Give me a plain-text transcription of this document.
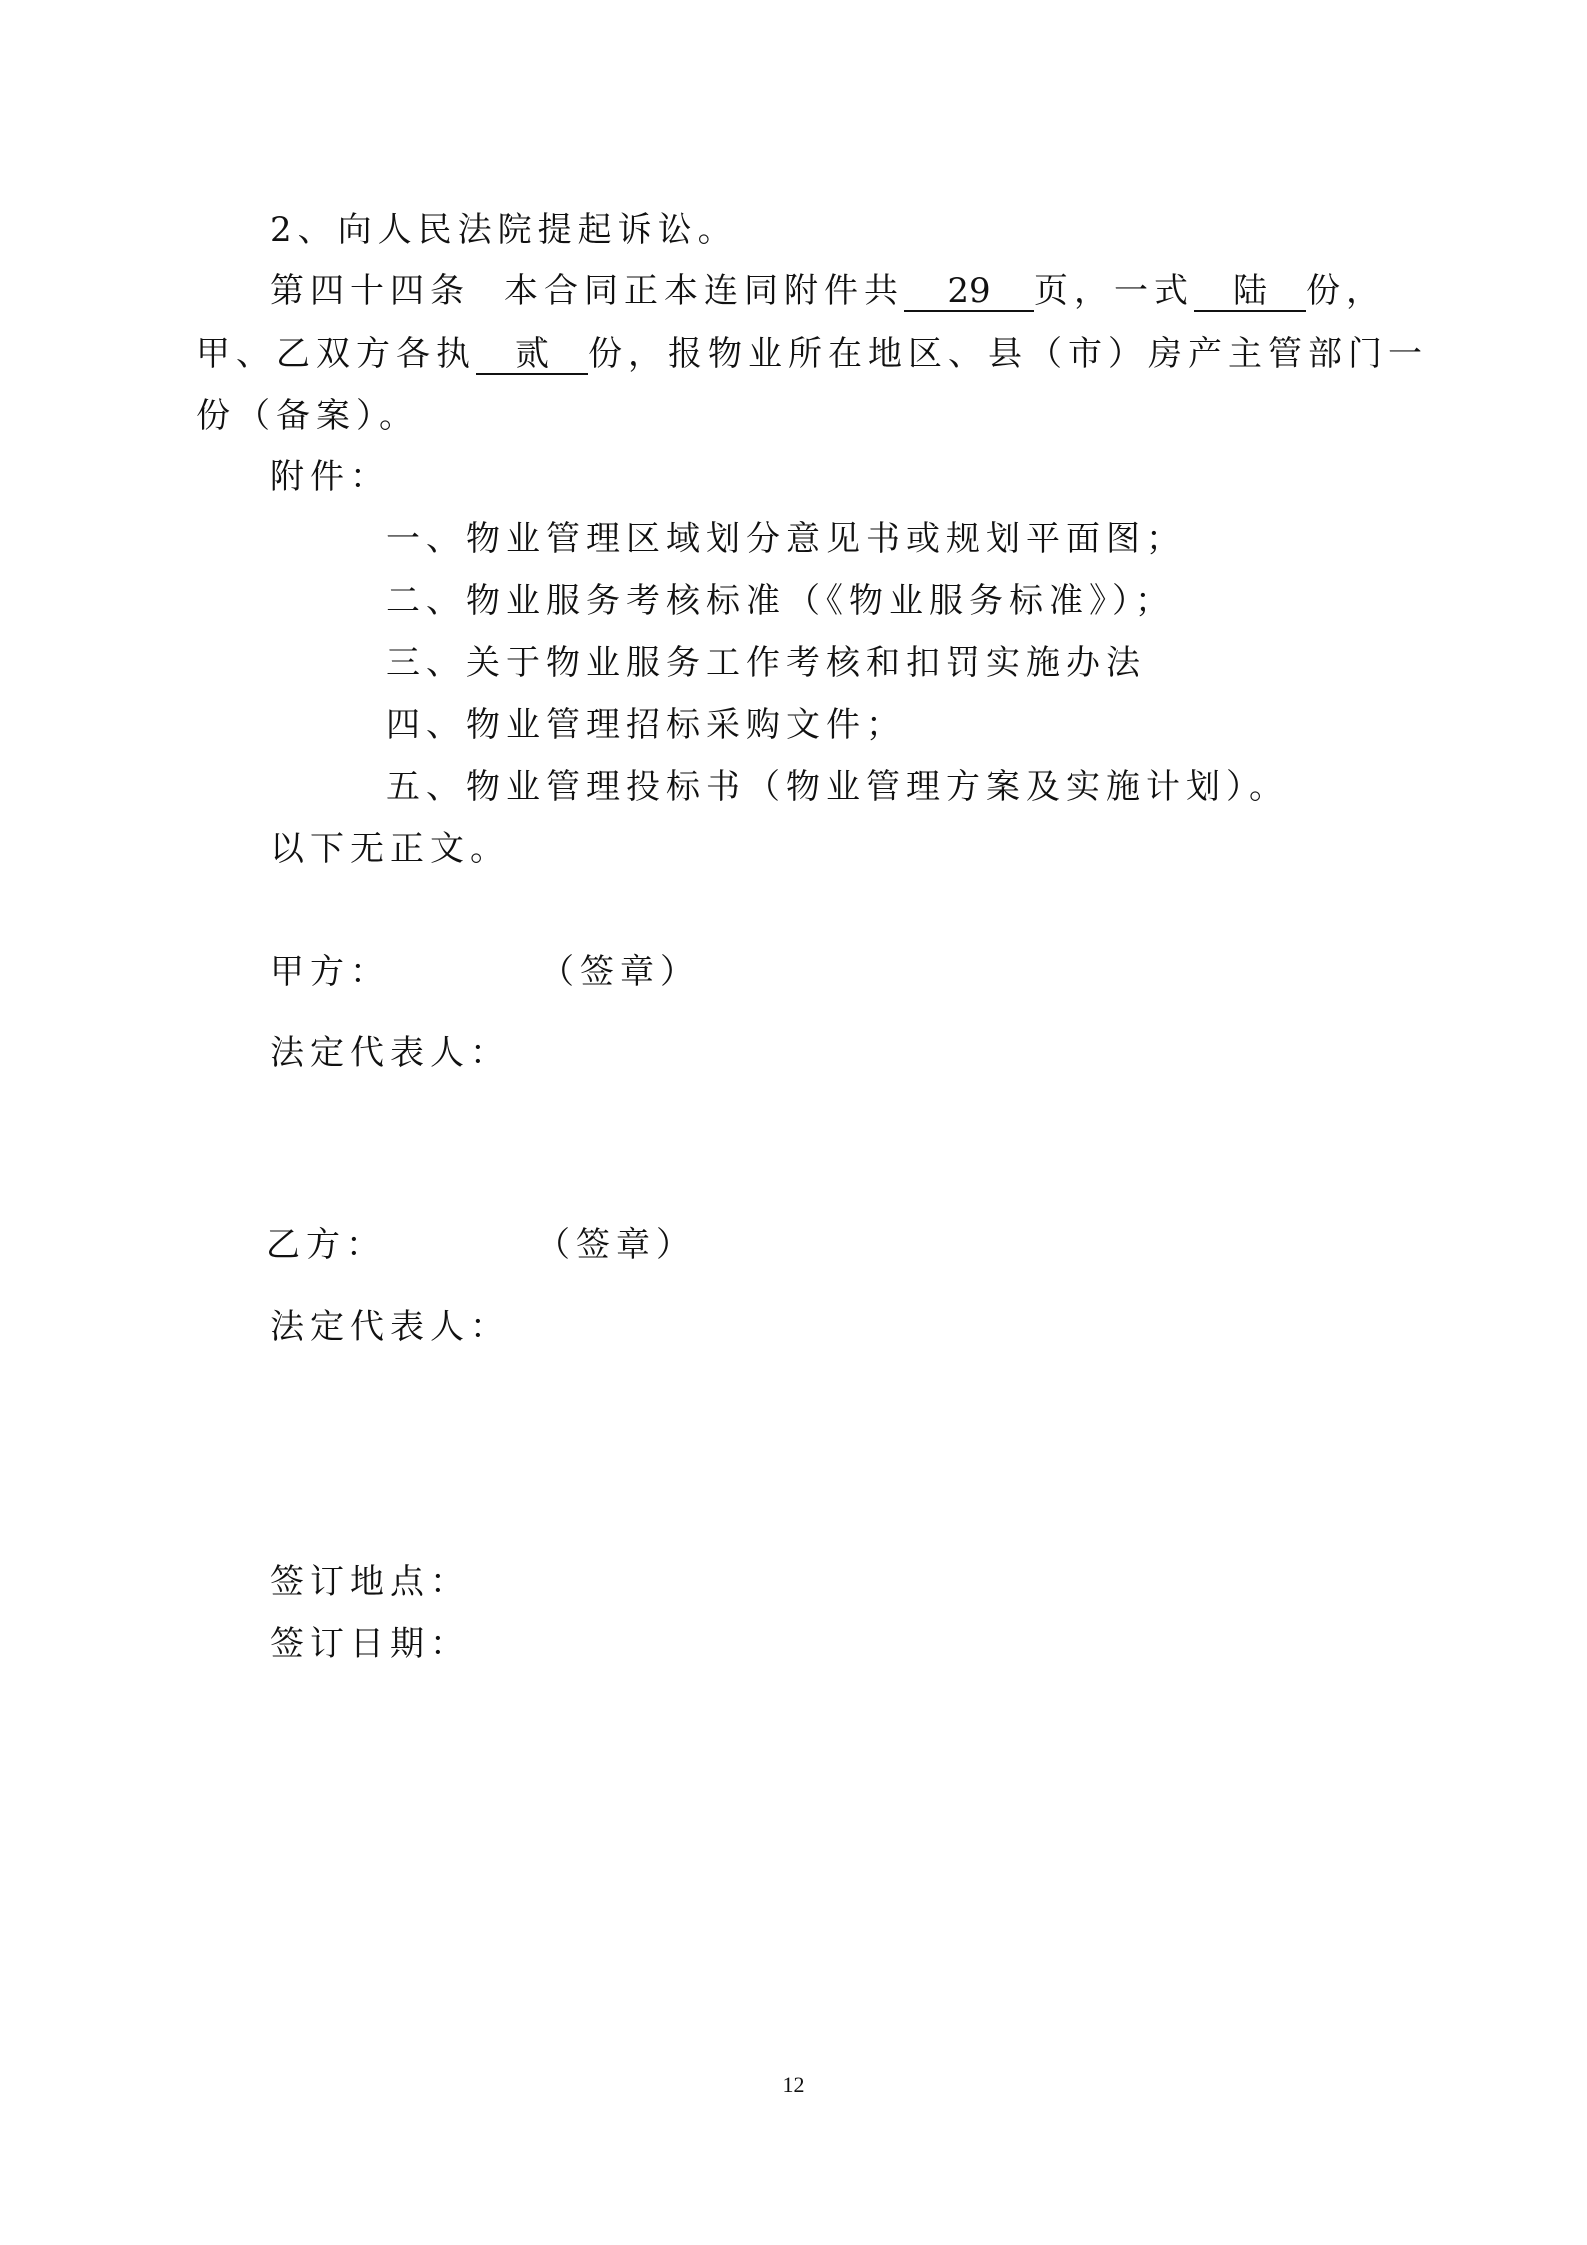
2、向人民法院提起诉讼。
第四十四条 本合同正本连同附件共 29 页，一式 陆 份，
甲、乙双方各执 贰 份，报物业所在地区、县（市）房产主管部门一
份（备案）。
附件：
一、物业管理区域划分意见书或规划平面图；
二、物业服务考核标准（《物业服务标准》）；
三、关于物业服务工作考核和扣罚实施办法
四、物业管理招标采购文件；
五、物业管理投标书（物业管理方案及实施计划）。
以下无正文。
甲方：	（签章）
法定代表人：
乙方：	（签章）
法定代表人：
签订地点：
签订日期：
12
